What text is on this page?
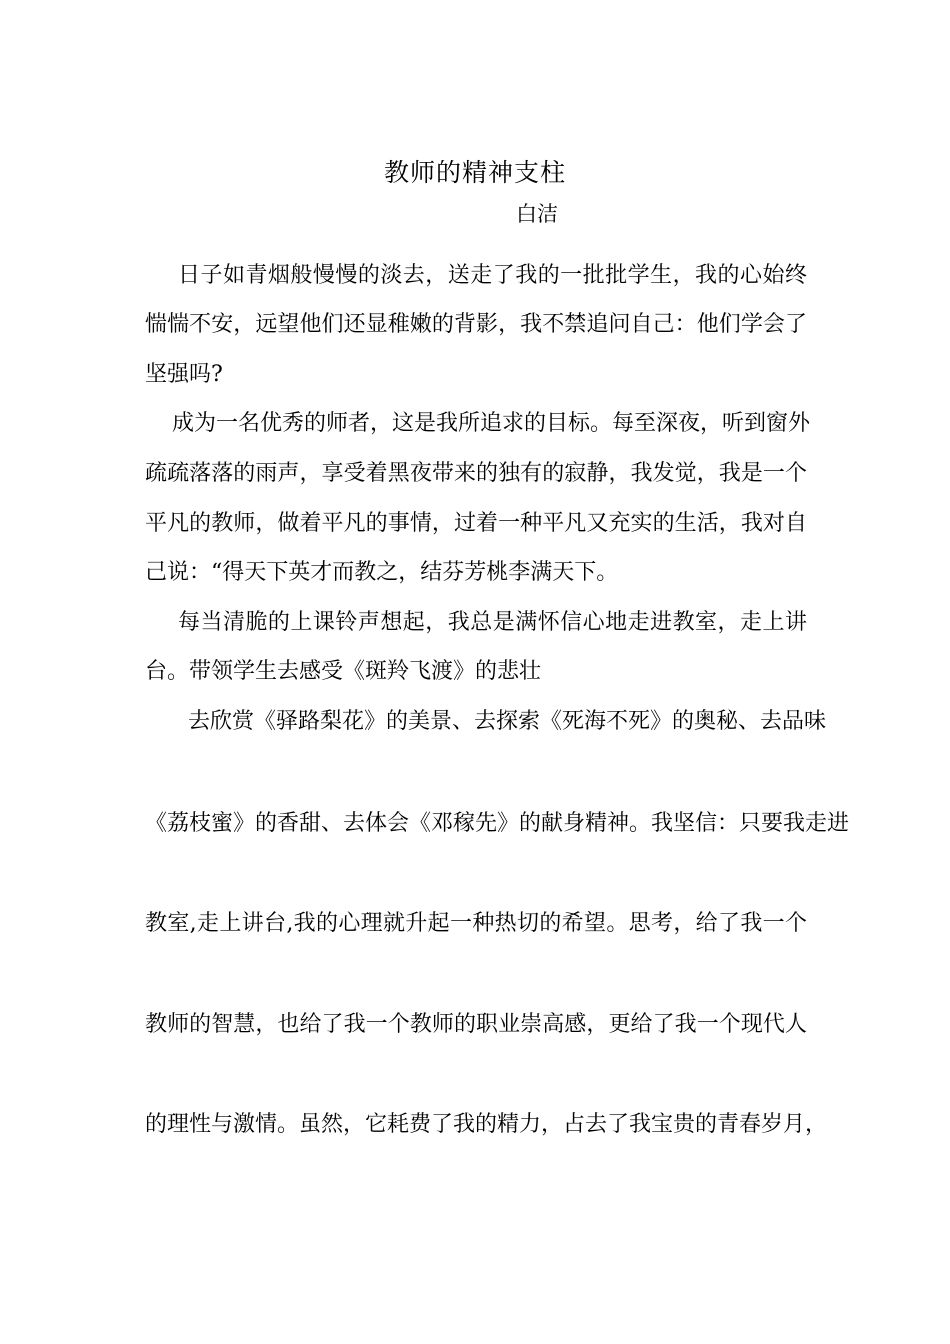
教师的精神支柱
白洁
日子如青烟般慢慢的淡去，送走了我的一批批学生，我的心始终
惴惴不安，远望他们还显稚嫩的背影，我不禁追问自己：他们学会了
坚强吗?
成为一名优秀的师者，这是我所追求的目标。每至深夜，听到窗外
疏疏落落的雨声，享受着黑夜带来的独有的寂静，我发觉，我是一个
平凡的教师，做着平凡的事情，过着一种平凡又充实的生活，我对自
己说：“得天下英才而教之，结芬芳桃李满天下。
每当清脆的上课铃声想起，我总是满怀信心地走进教室，走上讲
台。带领学生去感受《斑羚飞渡》的悲壮
去欣赏《驿路梨花》的美景、去探索《死海不死》的奥秘、去品味
《荔枝蜜》的香甜、去体会《邓稼先》的献身精神。我坚信：只要我走进
教室,走上讲台,我的心理就升起一种热切的希望。思考，给了我一个
教师的智慧，也给了我一个教师的职业崇高感，更给了我一个现代人
的理性与激情。虽然，它耗费了我的精力，占去了我宝贵的青春岁月，
